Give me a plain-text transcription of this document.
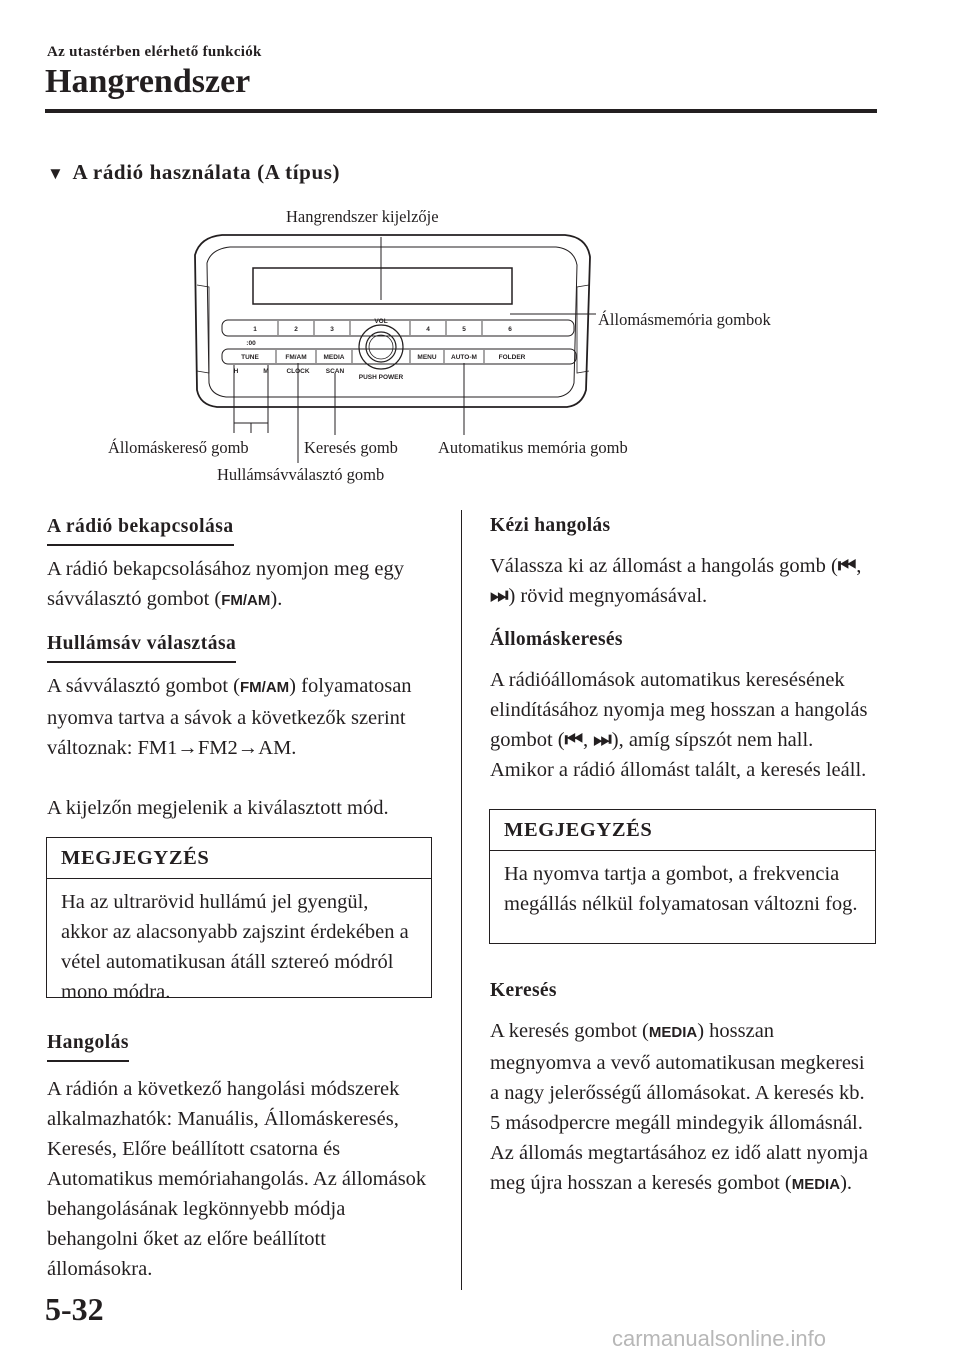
Az utastérben elérhető funkciók
Hangrendszer
▼ A rádió használata (A típus)
Hangrendszer kijelzője
Állomásmemória gombok
Állomáskereső gomb	Keresés gomb Automatikus memória gomb
Hullámsávválasztó gomb
1	2	3	4	5	6
:00
VOL
PUSH POWER
TUNE	FM/AM	MEDIA	MENU AUTO-M	FOLDER
H	M	CLOCK SCAN
A rádió bekapcsolása

A rádió bekapcsolásához nyomjon meg egy sávválasztó gombot (FM/AM).

Hullámsáv választása

A sávválasztó gombot (FM/AM) folyamatosan nyomva tartva a sávok a következők szerint változnak: FM1→FM2→AM.

A kijelzőn megjelenik a kiválasztott mód.

MEGJEGYZÉS
Ha az ultrarövid hullámú jel gyengül, akkor az alacsonyabb zajszint érdekében a vétel automatikusan átáll sztereó módról mono módra.
Hangolás

A rádión a következő hangolási módszerek alkalmazhatók: Manuális, Állomáskeresés, Keresés, Előre beállított csatorna és Automatikus memóriahangolás. Az állomások behangolásának legkönnyebb módja behangolni őket az előre beállított állomásokra.

Kézi hangolás

Válassza ki az állomást a hangolás gomb (⏮, ⏭) rövid megnyomásával.

Állomáskeresés

A rádióállomások automatikus keresésének elindításához nyomja meg hosszan a hangolás gombot (⏮, ⏭), amíg sípszót nem hall. Amikor a rádió állomást talált, a keresés leáll.

MEGJEGYZÉS
Ha nyomva tartja a gombot, a frekvencia megállás nélkül folyamatosan változni fog.
Keresés

A keresés gombot (MEDIA) hosszan megnyomva a vevő automatikusan megkeresi a nagy jelerősségű állomásokat. A keresés kb. 5 másodpercre megáll mindegyik állomásnál. Az állomás megtartásához ez idő alatt nyomja meg újra hosszan a keresés gombot (MEDIA).

5-32
carmanualsonline.info
